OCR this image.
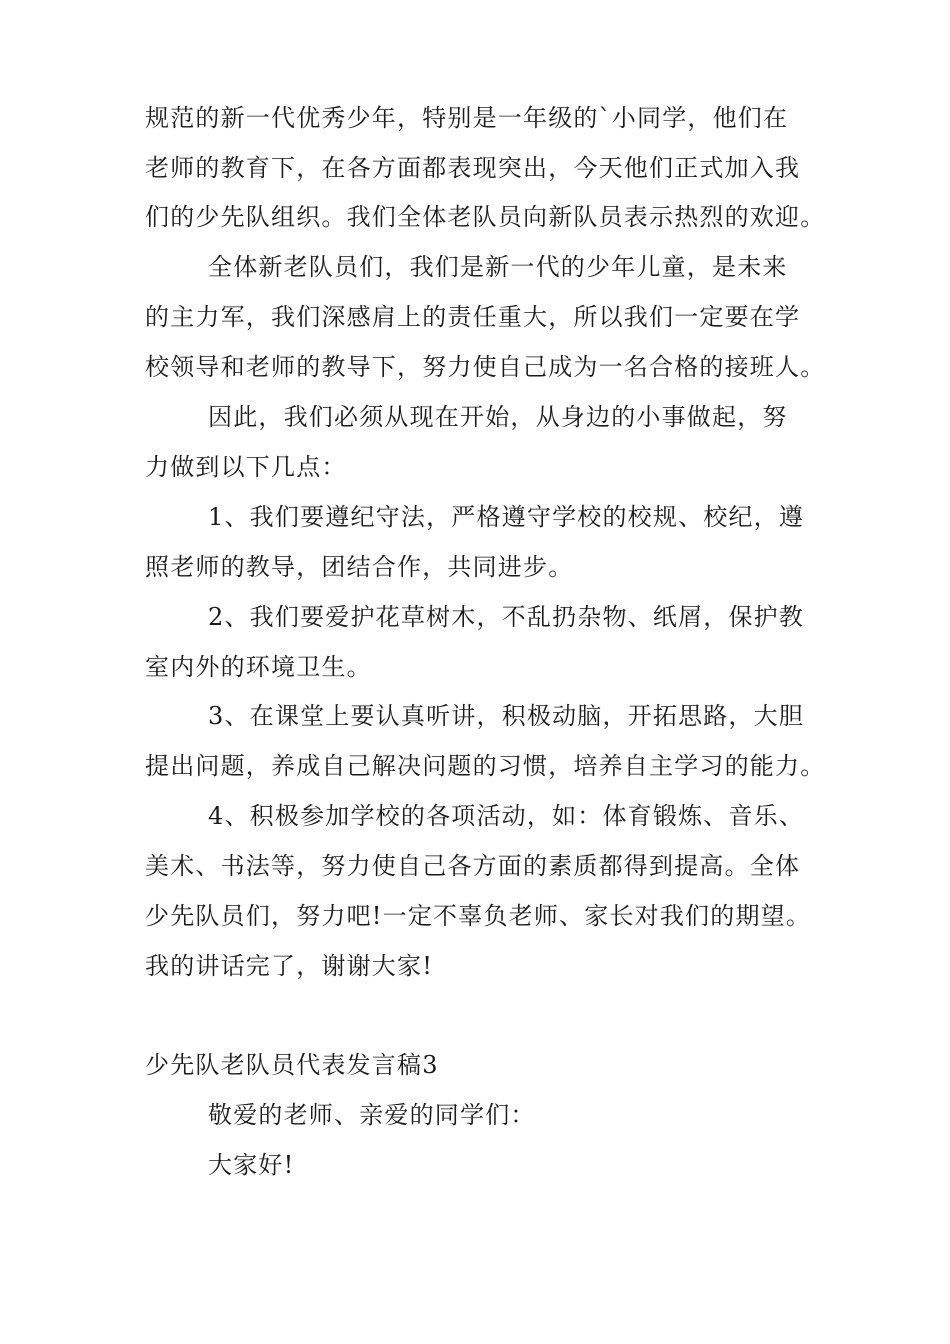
规范的新一代优秀少年，特别是一年级的`小同学，他们在
老师的教育下，在各方面都表现突出，今天他们正式加入我
们的少先队组织。我们全体老队员向新队员表示热烈的欢迎。
全体新老队员们，我们是新一代的少年儿童，是未来
的主力军，我们深感肩上的责任重大，所以我们一定要在学
校领导和老师的教导下，努力使自己成为一名合格的接班人。
因此，我们必须从现在开始，从身边的小事做起，努
力做到以下几点：
1、我们要遵纪守法，严格遵守学校的校规、校纪，遵
照老师的教导，团结合作，共同进步。
2、我们要爱护花草树木，不乱扔杂物、纸屑，保护教
室内外的环境卫生。
3、在课堂上要认真听讲，积极动脑，开拓思路，大胆
提出问题，养成自己解决问题的习惯，培养自主学习的能力。
4、积极参加学校的各项活动，如：体育锻炼、音乐、
美术、书法等，努力使自己各方面的素质都得到提高。全体
少先队员们，努力吧!一定不辜负老师、家长对我们的期望。
我的讲话完了，谢谢大家!
少先队老队员代表发言稿3
敬爱的老师、亲爱的同学们：
大家好!
